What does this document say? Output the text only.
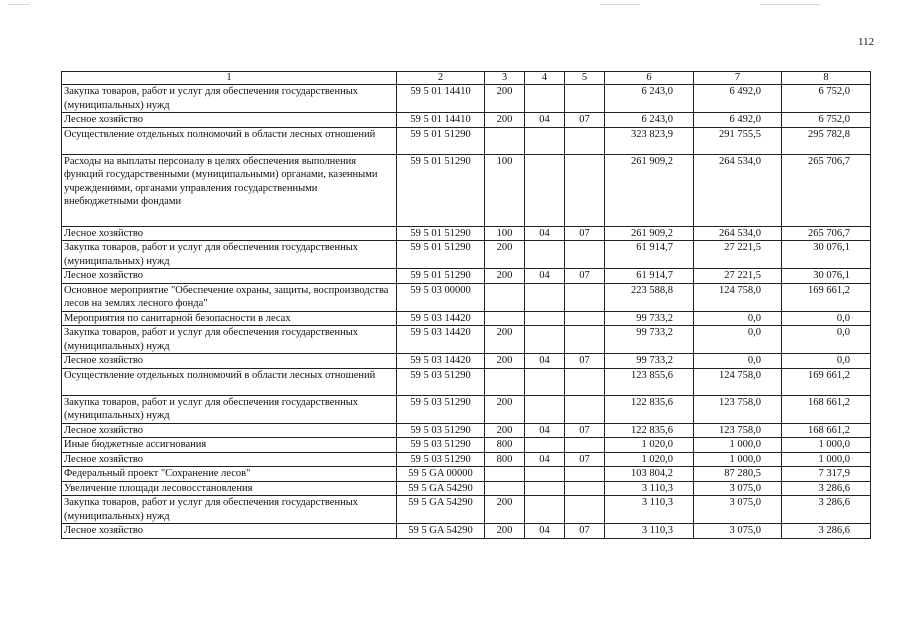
112
1	2	3	4	5	6	7	8
Закупка товаров, работ и услуг для обеспечения государственных (муниципальных) нужд	59 5 01 14410	200			6 243,0	6 492,0	6 752,0
Лесное хозяйство	59 5 01 14410	200	04	07	6 243,0	6 492,0	6 752,0
Осуществление отдельных полномочий в области лесных отношений	59 5 01 51290				323 823,9	291 755,5	295 782,8
Расходы на выплаты персоналу в целях обеспечения выполнения функций государственными (муниципальными) органами, казенными учреждениями, органами управления государственными внебюджетными фондами	59 5 01 51290	100			261 909,2	264 534,0	265 706,7
Лесное хозяйство	59 5 01 51290	100	04	07	261 909,2	264 534,0	265 706,7
Закупка товаров, работ и услуг для обеспечения государственных (муниципальных) нужд	59 5 01 51290	200			61 914,7	27 221,5	30 076,1
Лесное хозяйство	59 5 01 51290	200	04	07	61 914,7	27 221,5	30 076,1
Основное мероприятие "Обеспечение охраны, защиты, воспроизводства лесов на землях лесного фонда"	59 5 03 00000				223 588,8	124 758,0	169 661,2
Мероприятия по санитарной безопасности в лесах	59 5 03 14420				99 733,2	0,0	0,0
Закупка товаров, работ и услуг для обеспечения государственных (муниципальных) нужд	59 5 03 14420	200			99 733,2	0,0	0,0
Лесное хозяйство	59 5 03 14420	200	04	07	99 733,2	0,0	0,0
Осуществление отдельных полномочий в области лесных отношений	59 5 03 51290				123 855,6	124 758,0	169 661,2
Закупка товаров, работ и услуг для обеспечения государственных (муниципальных) нужд	59 5 03 51290	200			122 835,6	123 758,0	168 661,2
Лесное хозяйство	59 5 03 51290	200	04	07	122 835,6	123 758,0	168 661,2
Иные бюджетные ассигнования	59 5 03 51290	800			1 020,0	1 000,0	1 000,0
Лесное хозяйство	59 5 03 51290	800	04	07	1 020,0	1 000,0	1 000,0
Федеральный проект "Сохранение лесов"	59 5 GA 00000				103 804,2	87 280,5	7 317,9
Увеличение площади лесовосстановления	59 5 GA 54290				3 110,3	3 075,0	3 286,6
Закупка товаров, работ и услуг для обеспечения государственных (муниципальных) нужд	59 5 GA 54290	200			3 110,3	3 075,0	3 286,6
Лесное хозяйство	59 5 GA 54290	200	04	07	3 110,3	3 075,0	3 286,6
